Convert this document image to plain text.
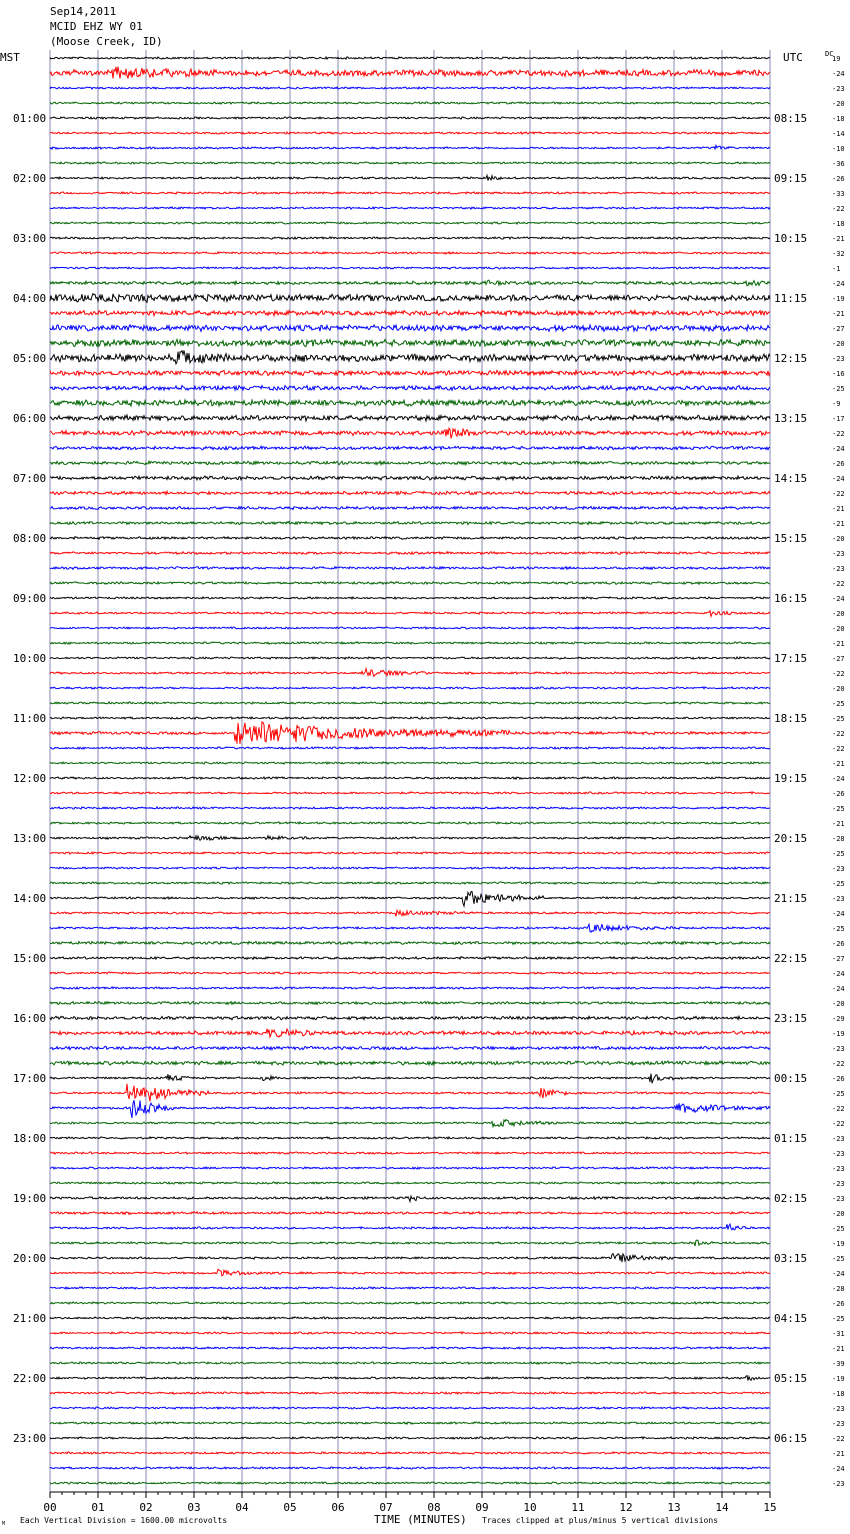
Sep14,2011
MCID EHZ WY 01
(Moose Creek, ID)
01:00
02:00
03:00
04:00
05:00
06:00
07:00
08:00
09:00
10:00
11:00
12:00
13:00
14:00
15:00
16:00
17:00
18:00
19:00
20:00
21:00
22:00
23:00
08:15
09:15
10:15
11:15
12:15
13:15
14:15
15:15
16:15
17:15
18:15
19:15
20:15
21:15
22:15
23:15
00:15
01:15
02:15
03:15
04:15
05:15
06:15
MST	UTC	DC
19
-24
-23
-20
-18
-14
-10
-36
-26
-33
-22
-18
-21
-32
-1
-24
-19
-21
-27
-20
-23
-16
-25
-9
-17
-22
-24
-26
-24
-22
-21
-21
-20
-23
-23
-22
-24
-20
-20
-21
-27
-22
-20
-25
-25
-22
-22
-21
-24
-26
-25
-21
-28
-25
-23
-25
-23
-24
-25
-26
-27
-24
-24
-20
-29
-19
-23
-22
-26
-25
-22
-22
-23
-23
-23
-23
-23
-20
-25
-19
-25
-24
-28
-26
-25
-31
-21
-39
-19
-18
-23
-23
-22
-21
-24
-23
00	01	02	03	04	05	06	07	08	09	10	11	12	13	14	15
TIME (MINUTES)
Each Vertical Division = 1600.00 microvolts	Traces clipped at plus/minus 5 vertical divisions
M
